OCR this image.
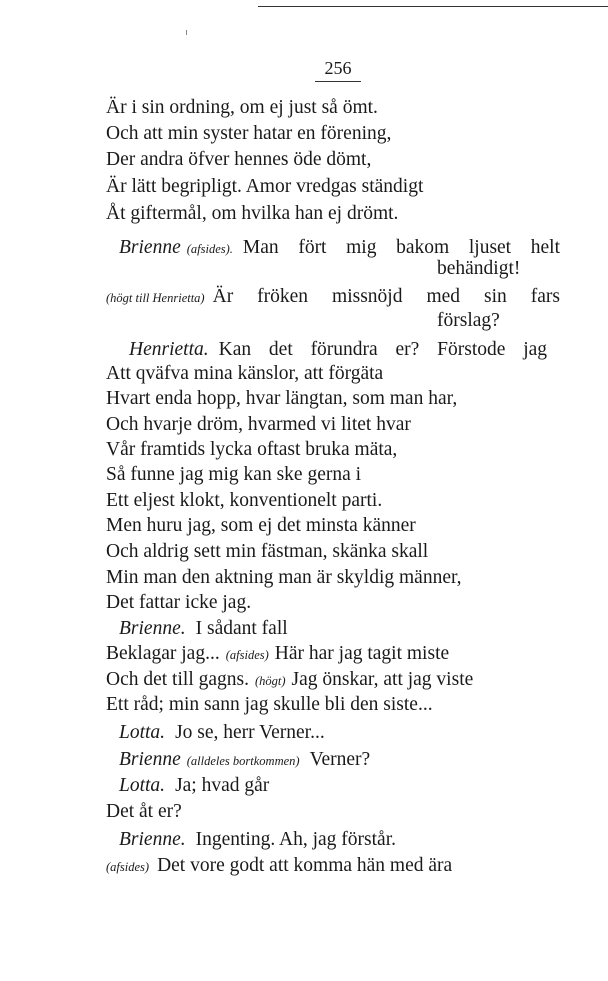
256
Är i sin ordning, om ej just så ömt.
Och att min syster hatar en förening,
Der andra öfver hennes öde dömt,
Är lätt begripligt. Amor vredgas ständigt
Åt giftermål, om hvilka han ej drömt.
Brienne (afsides). Man fört mig bakom ljuset helt
behändigt!
(högt till Henrietta) Är fröken missnöjd med sin fars
förslag?
Henrietta. Kan det förundra er? Förstode jag
Att qväfva mina känslor, att förgäta
Hvart enda hopp, hvar längtan, som man har,
Och hvarje dröm, hvarmed vi litet hvar
Vår framtids lycka oftast bruka mäta,
Så funne jag mig kan ske gerna i
Ett eljest klokt, konventionelt parti.
Men huru jag, som ej det minsta känner
Och aldrig sett min fästman, skänka skall
Min man den aktning man är skyldig männer,
Det fattar icke jag.
Brienne. I sådant fall
Beklagar jag... (afsides) Här har jag tagit miste
Och det till gagns. (högt) Jag önskar, att jag viste
Ett råd; min sann jag skulle bli den siste...
Lotta. Jo se, herr Verner...
Brienne (alldeles bortkommen) Verner?
Lotta. Ja; hvad går
Det åt er?
Brienne. Ingenting. Ah, jag förstår.
(afsides) Det vore godt att komma hän med ära
